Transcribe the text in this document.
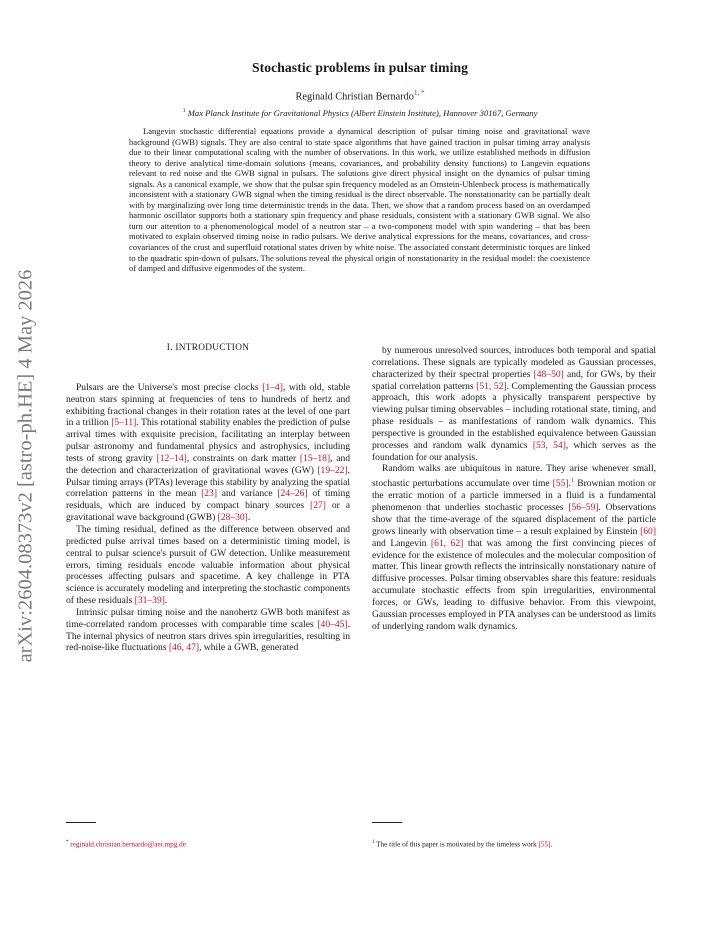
arXiv:2604.08373v2 [astro-ph.HE] 4 May 2026
Stochastic problems in pulsar timing
Reginald Christian Bernardo$^{1, *}$
$^1$ Max Planck Institute for Gravitational Physics (Albert Einstein Institute), Hannover 30167, Germany

Langevin stochastic differential equations provide a dynamical description of pulsar timing noise and gravitational wave background (GWB) signals. They are also central to state space algorithms that have gained traction in pulsar timing array analysis due to their linear computational scaling with the number of observations. In this work, we utilize established methods in diffusion theory to derive analytical time-domain solutions (means, covariances, and probability density functions) to Langevin equations relevant to red noise and the GWB signal in pulsars. The solutions give direct physical insight on the dynamics of pulsar timing signals. As a canonical example, we show that the pulsar spin frequency modeled as an Ornstein-Uhlenbeck process is mathematically inconsistent with a stationary GWB signal when the timing residual is the direct observable. The nonstationarity can be partially dealt with by marginalizing over long time deterministic trends in the data. Then, we show that a random process based on an overdamped harmonic oscillator supports both a stationary spin frequency and phase residuals, consistent with a stationary GWB signal. We also turn our attention to a phenomenological model of a neutron star – a two-component model with spin wandering – that has been motivated to explain observed timing noise in radio pulsars. We derive analytical expressions for the means, covariances, and cross-covariances of the crust and superfluid rotational states driven by white noise. The associated constant deterministic torques are linked to the quadratic spin-down of pulsars. The solutions reveal the physical origin of nonstationarity in the residual model: the coexistence of damped and diffusive eigenmodes of the system.

I. INTRODUCTION

Pulsars are the Universe's most precise clocks [1–4], with old, stable neutron stars spinning at frequencies of tens to hundreds of hertz and exhibiting fractional changes in their rotation rates at the level of one part in a trillion [5–11]. This rotational stability enables the prediction of pulse arrival times with exquisite precision, facilitating an interplay between pulsar astronomy and fundamental physics and astrophysics, including tests of strong gravity [12–14], constraints on dark matter [15–18], and the detection and characterization of gravitational waves (GW) [19–22]. Pulsar timing arrays (PTAs) leverage this stability by analyzing the spatial correlation patterns in the mean [23] and variance [24–26] of timing residuals, which are induced by compact binary sources [27] or a gravitational wave background (GWB) [28–30].

The timing residual, defined as the difference between observed and predicted pulse arrival times based on a deterministic timing model, is central to pulsar science's pursuit of GW detection. Unlike measurement errors, timing residuals encode valuable information about physical processes affecting pulsars and spacetime. A key challenge in PTA science is accurately modeling and interpreting the stochastic components of these residuals [31–39].

Intrinsic pulsar timing noise and the nanohertz GWB both manifest as time-correlated random processes with comparable time scales [40–45]. The internal physics of neutron stars drives spin irregularities, resulting in red-noise-like fluctuations [46, 47], while a GWB, generated

by numerous unresolved sources, introduces both temporal and spatial correlations. These signals are typically modeled as Gaussian processes, characterized by their spectral properties [48–50] and, for GWs, by their spatial correlation patterns [51, 52]. Complementing the Gaussian process approach, this work adopts a physically transparent perspective by viewing pulsar timing observables – including rotational state, timing, and phase residuals – as manifestations of random walk dynamics. This perspective is grounded in the established equivalence between Gaussian processes and random walk dynamics [53, 54], which serves as the foundation for our analysis.

Random walks are ubiquitous in nature. They arise whenever small, stochastic perturbations accumulate over time [55].$^1$ Brownian motion or the erratic motion of a particle immersed in a fluid is a fundamental phenomenon that underlies stochastic processes [56–59]. Observations show that the time-average of the squared displacement of the particle grows linearly with observation time – a result explained by Einstein [60] and Langevin [61, 62] that was among the first convincing pieces of evidence for the existence of molecules and the molecular composition of matter. This linear growth reflects the intrinsically nonstationary nature of diffusive processes. Pulsar timing observables share this feature: residuals accumulate stochastic effects from spin irregularities, environmental forces, or GWs, leading to diffusive behavior. From this viewpoint, Gaussian processes employed in PTA analyses can be understood as limits of underlying random walk dynamics.

* reginald.christian.bernardo@aei.mpg.de	$^1$ The title of this paper is motivated by the timeless work [55].
